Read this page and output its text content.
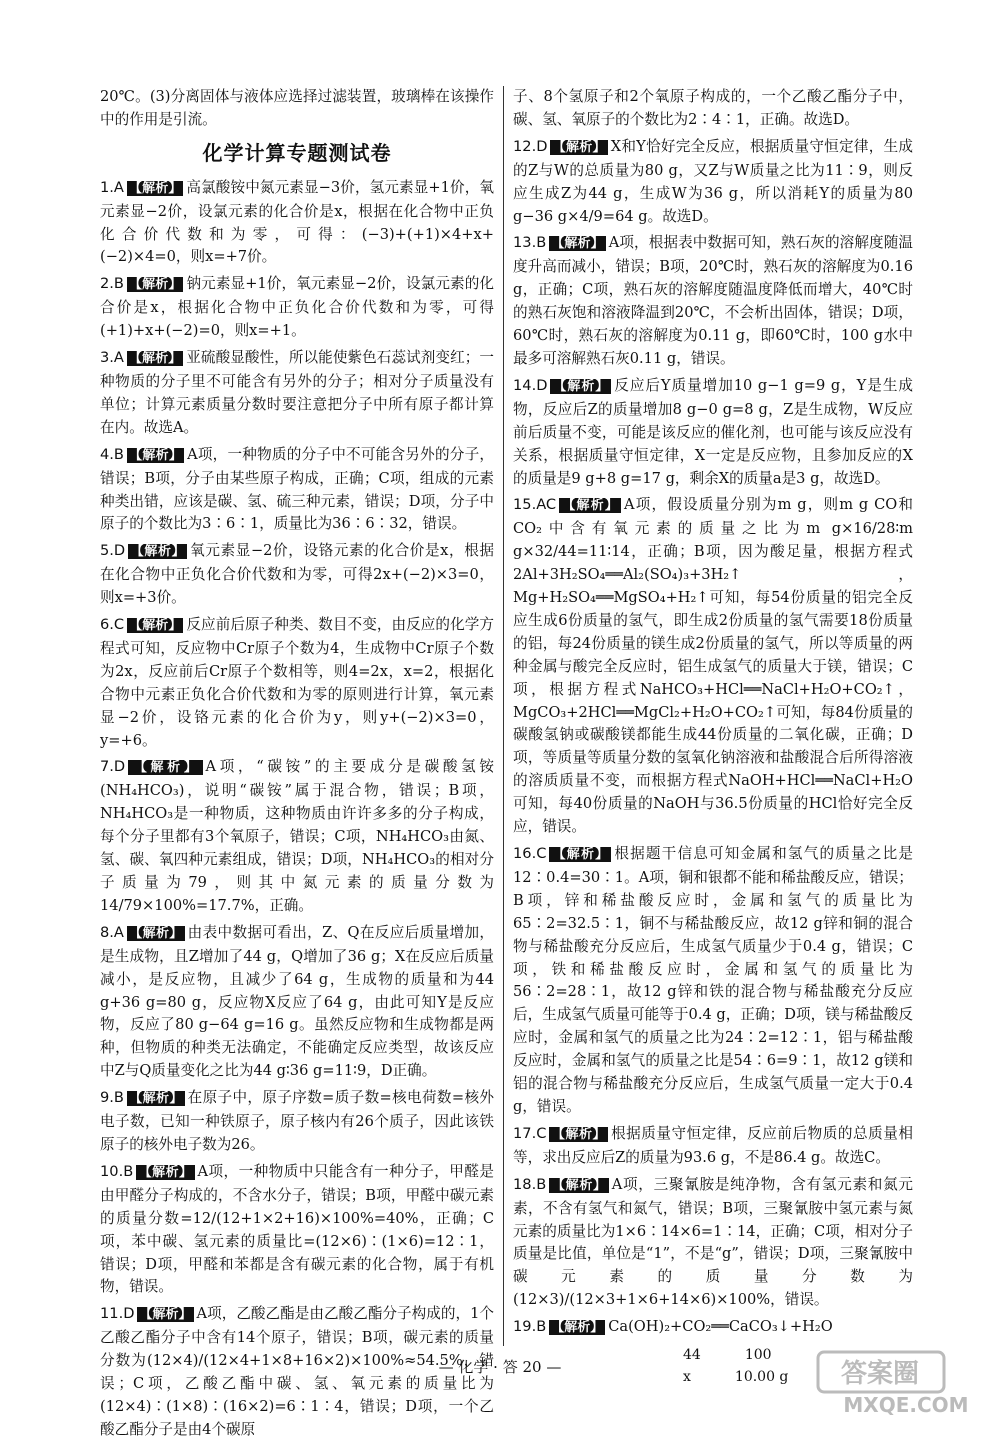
20℃。(3)分离固体与液体应选择过滤装置，玻璃棒在该操作中的作用是引流。

化学计算专题测试卷

1.A 【解析】 高氯酸铵中氮元素显−3价，氢元素显+1价，氧元素显−2价，设氯元素的化合价是x，根据在化合物中正负化合价代数和为零，可得：(−3)+(+1)×4+x+(−2)×4=0，则x=+7价。

2.B 【解析】 钠元素显+1价，氧元素显−2价，设氯元素的化合价是x，根据化合物中正负化合价代数和为零，可得(+1)+x+(−2)=0，则x=+1。

3.A 【解析】 亚硫酸显酸性，所以能使紫色石蕊试剂变红；一种物质的分子里不可能含有另外的分子；相对分子质量没有单位；计算元素质量分数时要注意把分子中所有原子都计算在内。故选A。

4.B 【解析】 A项，一种物质的分子中不可能含另外的分子，错误；B项，分子由某些原子构成，正确；C项，组成的元素种类出错，应该是碳、氢、硫三种元素，错误；D项，分子中原子的个数比为3∶6∶1，质量比为36∶6∶32，错误。

5.D 【解析】 氧元素显−2价，设铬元素的化合价是x，根据在化合物中正负化合价代数和为零，可得2x+(−2)×3=0，则x=+3价。

6.C 【解析】 反应前后原子种类、数目不变，由反应的化学方程式可知，反应物中Cr原子个数为4，生成物中Cr原子个数为2x，反应前后Cr原子个数相等，则4=2x，x=2，根据化合物中元素正负化合价代数和为零的原则进行计算，氧元素显−2价，设铬元素的化合价为y，则y+(−2)×3=0，y=+6。

7.D 【解析】 A项，“碳铵”的主要成分是碳酸氢铵(NH₄HCO₃)，说明“碳铵”属于混合物，错误；B项，NH₄HCO₃是一种物质，这种物质由许许多多的分子构成，每个分子里都有3个氧原子，错误；C项，NH₄HCO₃由氮、氢、碳、氧四种元素组成，错误；D项，NH₄HCO₃的相对分子质量为79，则其中氮元素的质量分数为14/79×100%=17.7%，正确。

8.A 【解析】 由表中数据可看出，Z、Q在反应后质量增加，是生成物，且Z增加了44 g，Q增加了36 g；X在反应后质量减小，是反应物，且减少了64 g，生成物的质量和为44 g+36 g=80 g，反应物X反应了64 g，由此可知Y是反应物，反应了80 g−64 g=16 g。虽然反应物和生成物都是两种，但物质的种类无法确定，不能确定反应类型，故该反应中Z与Q质量变化之比为44 g∶36 g=11∶9，D正确。

9.B 【解析】 在原子中，原子序数=质子数=核电荷数=核外电子数，已知一种铁原子，原子核内有26个质子，因此该铁原子的核外电子数为26。

10.B 【解析】 A项，一种物质中只能含有一种分子，甲醛是由甲醛分子构成的，不含水分子，错误；B项，甲醛中碳元素的质量分数=12/(12+1×2+16)×100%=40%，正确；C项，苯中碳、氢元素的质量比=(12×6)∶(1×6)=12∶1，错误；D项，甲醛和苯都是含有碳元素的化合物，属于有机物，错误。

11.D 【解析】 A项，乙酸乙酯是由乙酸乙酯分子构成的，1个乙酸乙酯分子中含有14个原子，错误；B项，碳元素的质量分数为(12×4)/(12×4+1×8+16×2)×100%≈54.5%，错误；C项，乙酸乙酯中碳、氢、氧元素的质量比为(12×4)∶(1×8)∶(16×2)=6∶1∶4，错误；D项，一个乙酸乙酯分子是由4个碳原

子、8个氢原子和2个氧原子构成的，一个乙酸乙酯分子中，碳、氢、氧原子的个数比为2∶4∶1，正确。故选D。

12.D 【解析】 X和Y恰好完全反应，根据质量守恒定律，生成的Z与W的总质量为80 g，又Z与W质量之比为11∶9，则反应生成Z为44 g，生成W为36 g，所以消耗Y的质量为80 g−36 g×4/9=64 g。故选D。

13.B 【解析】 A项，根据表中数据可知，熟石灰的溶解度随温度升高而减小，错误；B项，20℃时，熟石灰的溶解度为0.16 g，正确；C项，熟石灰的溶解度随温度降低而增大，40℃时的熟石灰饱和溶液降温到20℃，不会析出固体，错误；D项，60℃时，熟石灰的溶解度为0.11 g，即60℃时，100 g水中最多可溶解熟石灰0.11 g，错误。

14.D 【解析】 反应后Y质量增加10 g−1 g=9 g，Y是生成物，反应后Z的质量增加8 g−0 g=8 g，Z是生成物，W反应前后质量不变，可能是该反应的催化剂，也可能与该反应没有关系，根据质量守恒定律，X一定是反应物，且参加反应的X的质量是9 g+8 g=17 g，剩余X的质量a是3 g，故选D。

15.AC 【解析】 A项，假设质量分别为m g，则m g CO和CO₂中含有氧元素的质量之比为m g×16/28∶m g×32/44=11∶14，正确；B项，因为酸足量，根据方程式2Al+3H₂SO₄══Al₂(SO₄)₃+3H₂↑，Mg+H₂SO₄══MgSO₄+H₂↑可知，每54份质量的铝完全反应生成6份质量的氢气，即生成2份质量的氢气需要18份质量的铝，每24份质量的镁生成2份质量的氢气，所以等质量的两种金属与酸完全反应时，铝生成氢气的质量大于镁，错误；C项，根据方程式NaHCO₃+HCl══NaCl+H₂O+CO₂↑，MgCO₃+2HCl══MgCl₂+H₂O+CO₂↑可知，每84份质量的碳酸氢钠或碳酸镁都能生成44份质量的二氧化碳，正确；D项，等质量等质量分数的氢氧化钠溶液和盐酸混合后所得溶液的溶质质量不变，而根据方程式NaOH+HCl══NaCl+H₂O可知，每40份质量的NaOH与36.5份质量的HCl恰好完全反应，错误。

16.C 【解析】 根据题干信息可知金属和氢气的质量之比是12∶0.4=30∶1。A项，铜和银都不能和稀盐酸反应，错误；B项，锌和稀盐酸反应时，金属和氢气的质量比为65∶2=32.5∶1，铜不与稀盐酸反应，故12 g锌和铜的混合物与稀盐酸充分反应后，生成氢气质量少于0.4 g，错误；C项，铁和稀盐酸反应时，金属和氢气的质量比为56∶2=28∶1，故12 g锌和铁的混合物与稀盐酸充分反应后，生成氢气质量可能等于0.4 g，正确；D项，镁与稀盐酸反应时，金属和氢气的质量之比为24∶2=12∶1，铝与稀盐酸反应时，金属和氢气的质量之比是54∶6=9∶1，故12 g镁和铝的混合物与稀盐酸充分反应后，生成氢气质量一定大于0.4 g，错误。

17.C 【解析】 根据质量守恒定律，反应前后物质的总质量相等，求出反应后Z的质量为93.6 g，不是86.4 g。故选C。

18.B 【解析】 A项，三聚氰胺是纯净物，含有氢元素和氮元素，不含有氢气和氮气，错误；B项，三聚氰胺中氢元素与氮元素的质量比为1×6∶14×6=1∶14，正确；C项，相对分子质量是比值，单位是“1”，不是“g”，错误；D项，三聚氰胺中碳元素的质量分数为(12×3)/(12×3+1×6+14×6)×100%，错误。

19.B 【解析】 Ca(OH)₂+CO₂══CaCO₃↓+H₂O

44	100
x	10.00 g
— 化学 · 答 20 —	答案圈
MXQE.COM
